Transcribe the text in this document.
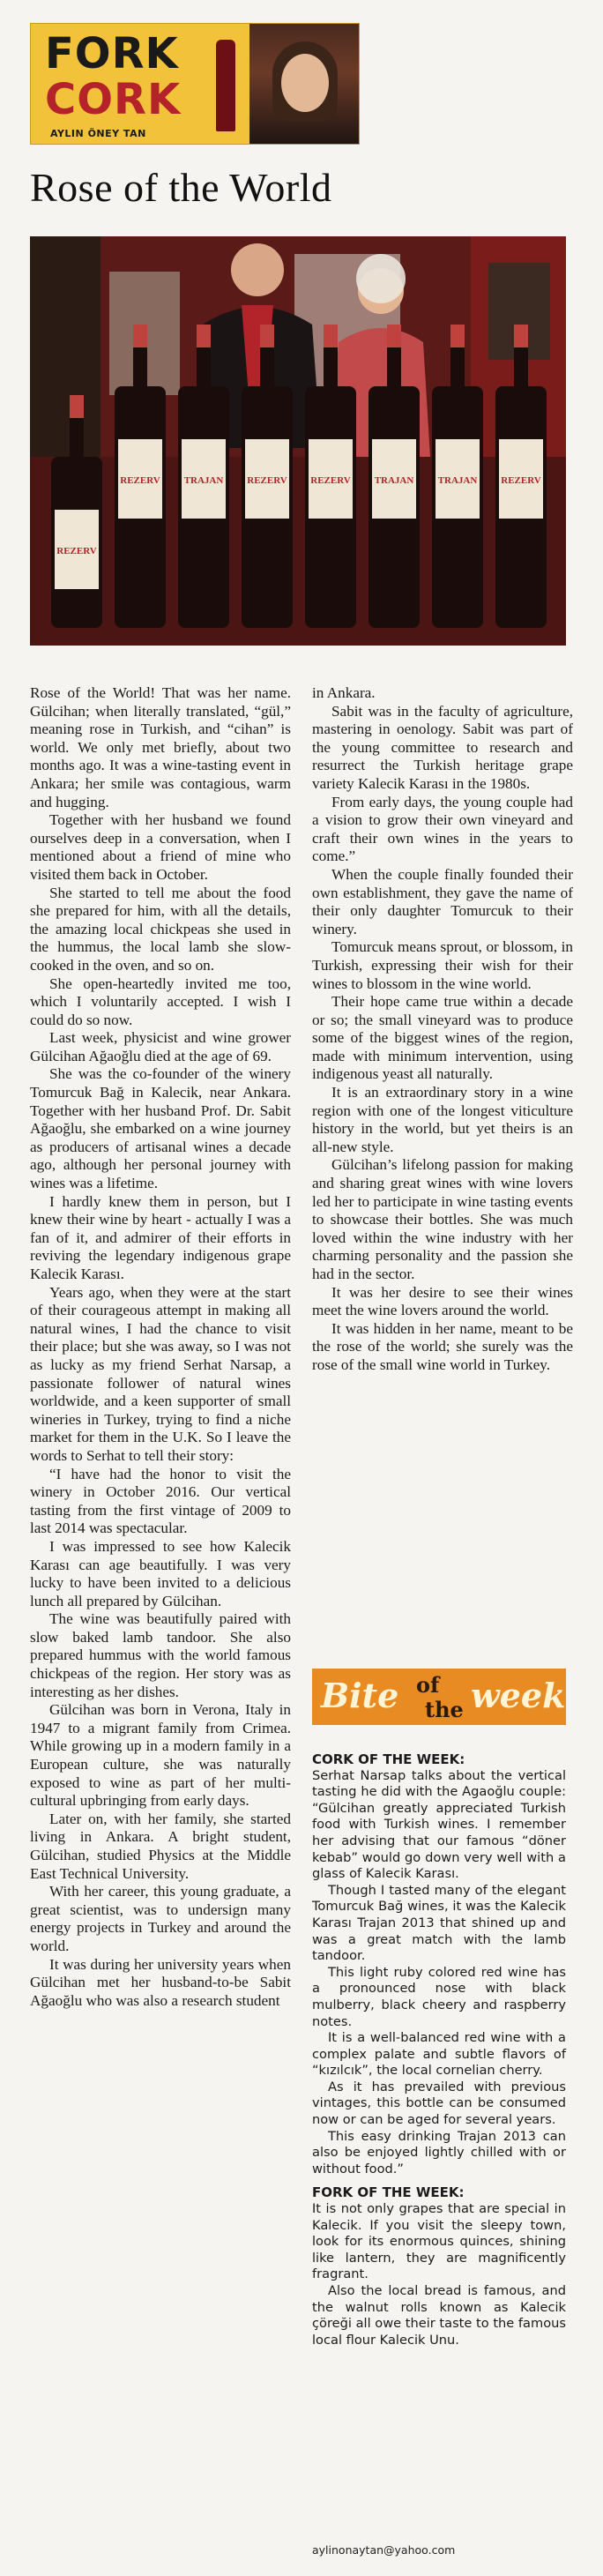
FORK
CORK
AYLIN ÖNEY TAN
Rose of the World
REZERV
REZERV TRAJAN REZERV REZERV TRAJAN TRAJAN REZERV

Rose of the World! That was her name. Gülcihan; when literally translated, “gül,” meaning rose in Turkish, and “cihan” is world. We only met briefly, about two months ago. It was a wine-tasting event in Ankara; her smile was contagious, warm and hugging.

Together with her husband we found ourselves deep in a conversation, when I mentioned about a friend of mine who visited them back in October.

She started to tell me about the food she prepared for him, with all the details, the amazing local chickpeas she used in the hummus, the local lamb she slow-cooked in the oven, and so on.

She open-heartedly invited me too, which I voluntarily accepted. I wish I could do so now.

Last week, physicist and wine grower Gülcihan Ağaoğlu died at the age of 69.

She was the co-founder of the winery Tomurcuk Bağ in Kalecik, near Ankara. Together with her husband Prof. Dr. Sabit Ağaoğlu, she embarked on a wine journey as producers of artisanal wines a decade ago, although her personal journey with wines was a lifetime.

I hardly knew them in person, but I knew their wine by heart - actually I was a fan of it, and admirer of their efforts in reviving the legendary indigenous grape Kalecik Karası.

Years ago, when they were at the start of their courageous attempt in making all natural wines, I had the chance to visit their place; but she was away, so I was not as lucky as my friend Serhat Narsap, a passionate follower of natural wines worldwide, and a keen supporter of small wineries in Turkey, trying to find a niche market for them in the U.K. So I leave the words to Serhat to tell their story:

“I have had the honor to visit the winery in October 2016. Our vertical tasting from the first vintage of 2009 to last 2014 was spectacular.

I was impressed to see how Kalecik Karası can age beautifully. I was very lucky to have been invited to a delicious lunch all prepared by Gülcihan.

The wine was beautifully paired with slow baked lamb tandoor. She also prepared hummus with the world famous chickpeas of the region. Her story was as interesting as her dishes.

Gülcihan was born in Verona, Italy in 1947 to a migrant family from Crimea. While growing up in a modern family in a European culture, she was naturally exposed to wine as part of her multi-cultural upbringing from early days.

Later on, with her family, she started living in Ankara. A bright student, Gülcihan, studied Physics at the Middle East Technical University.

With her career, this young graduate, a great scientist, was to undersign many energy projects in Turkey and around the world.

It was during her university years when Gülcihan met her husband-to-be Sabit Ağaoğlu who was also a research student

in Ankara.

Sabit was in the faculty of agriculture, mastering in oenology. Sabit was part of the young committee to research and resurrect the Turkish heritage grape variety Kalecik Karası in the 1980s.

From early days, the young couple had a vision to grow their own vineyard and craft their own wines in the years to come.”

When the couple finally founded their own establishment, they gave the name of their only daughter Tomurcuk to their winery.

Tomurcuk means sprout, or blossom, in Turkish, expressing their wish for their wines to blossom in the wine world.

Their hope came true within a decade or so; the small vineyard was to produce some of the biggest wines of the region, made with minimum intervention, using indigenous yeast all naturally.

It is an extraordinary story in a wine region with one of the longest viticulture history in the world, but yet theirs is an all-new style.

Gülcihan’s lifelong passion for making and sharing great wines with wine lovers led her to participate in wine tasting events to showcase their bottles. She was much loved within the wine industry with her charming personality and the passion she had in the sector.

It was her desire to see their wines meet the wine lovers around the world.

It was hidden in her name, meant to be the rose of the world; she surely was the rose of the small wine world in Turkey.

Bite of
the week
CORK OF THE WEEK:

Serhat Narsap talks about the vertical tasting he did with the Agaoğlu couple: “Gülcihan greatly appreciated Turkish food with Turkish wines. I remember her advising that our famous “döner kebab” would go down very well with a glass of Kalecik Karası.

Though I tasted many of the elegant Tomurcuk Bağ wines, it was the Kalecik Karası Trajan 2013 that shined up and was a great match with the lamb tandoor.

This light ruby colored red wine has a pronounced nose with black mulberry, black cheery and raspberry notes.

It is a well-balanced red wine with a complex palate and subtle flavors of “kızılcık”, the local cornelian cherry.

As it has prevailed with previous vintages, this bottle can be consumed now or can be aged for several years.

This easy drinking Trajan 2013 can also be enjoyed lightly chilled with or without food.”

FORK OF THE WEEK:

It is not only grapes that are special in Kalecik. If you visit the sleepy town, look for its enormous quinces, shining like lantern, they are magnificently fragrant.

Also the local bread is famous, and the walnut rolls known as Kalecik çöreği all owe their taste to the famous local flour Kalecik Unu.

aylinonaytan@yahoo.com
